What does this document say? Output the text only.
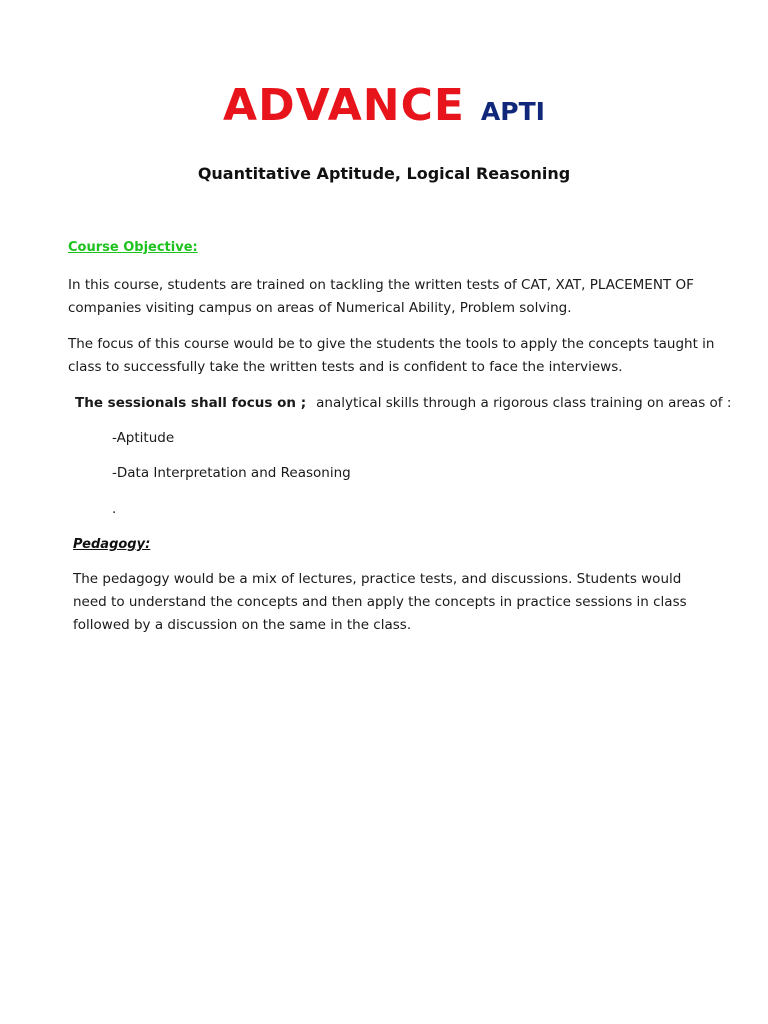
ADVANCE APTI
Quantitative Aptitude, Logical Reasoning
Course Objective:
In this course, students are trained on tackling the written tests of CAT, XAT, PLACEMENT OF companies visiting campus on areas of Numerical Ability, Problem solving.
The focus of this course would be to give the students the tools to apply the concepts taught in class to successfully take the written tests and is confident to face the interviews.
The sessionals shall focus on ; analytical skills through a rigorous class training on areas of :
-Aptitude
-Data Interpretation and Reasoning
.
Pedagogy:
The pedagogy would be a mix of lectures, practice tests, and discussions. Students would need to understand the concepts and then apply the concepts in practice sessions in class followed by a discussion on the same in the class.
